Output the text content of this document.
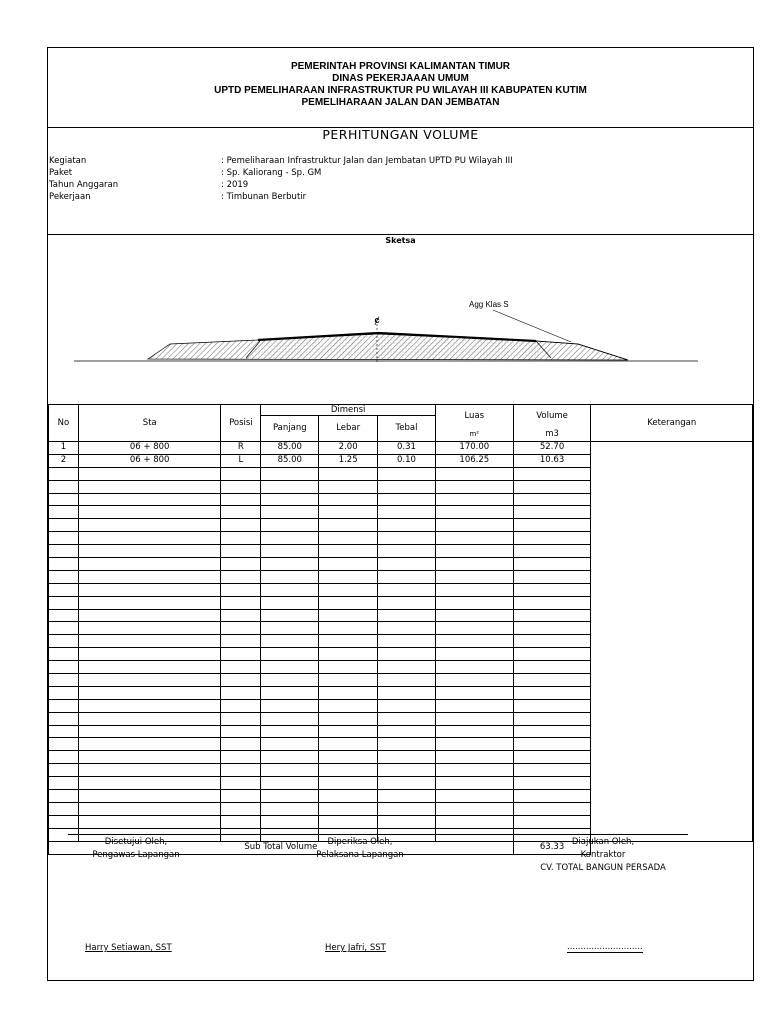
PEMERINTAH PROVINSI KALIMANTAN TIMUR
DINAS PEKERJAAAN UMUM
UPTD PEMELIHARAAN INFRASTRUKTUR PU WILAYAH III KABUPATEN KUTIM
PEMELIHARAAN JALAN DAN JEMBATAN
PERHITUNGAN VOLUME
Kegiatan	: Pemeliharaan Infrastruktur Jalan dan Jembatan UPTD PU Wilayah III
Paket	: Sp. Kaliorang - Sp. GM
Tahun Anggaran	: 2019
Pekerjaan	: Timbunan Berbutir
Sketsa
ȼ
Agg Klas S
No	Sta	Posisi	Dimensi			Luas	Volume	Keterangan
			Panjang	Lebar	Tebal			
						m²	m3	
1	06 + 800	R	85.00	2.00	0.31	170.00	52.70	
2	06 + 800	L	85.00	1.25	0.10	106.25	10.63	

Sub Total Volume							63.33	
Disetujui Oleh,
Pengawas Lapangan
Diperiksa Oleh,
Pelaksana Lapangan
Diajukan Oleh,
Kontraktor
CV. TOTAL BANGUN PERSADA
Harry Setiawan, SST	Hery Jafri, SST	............................
